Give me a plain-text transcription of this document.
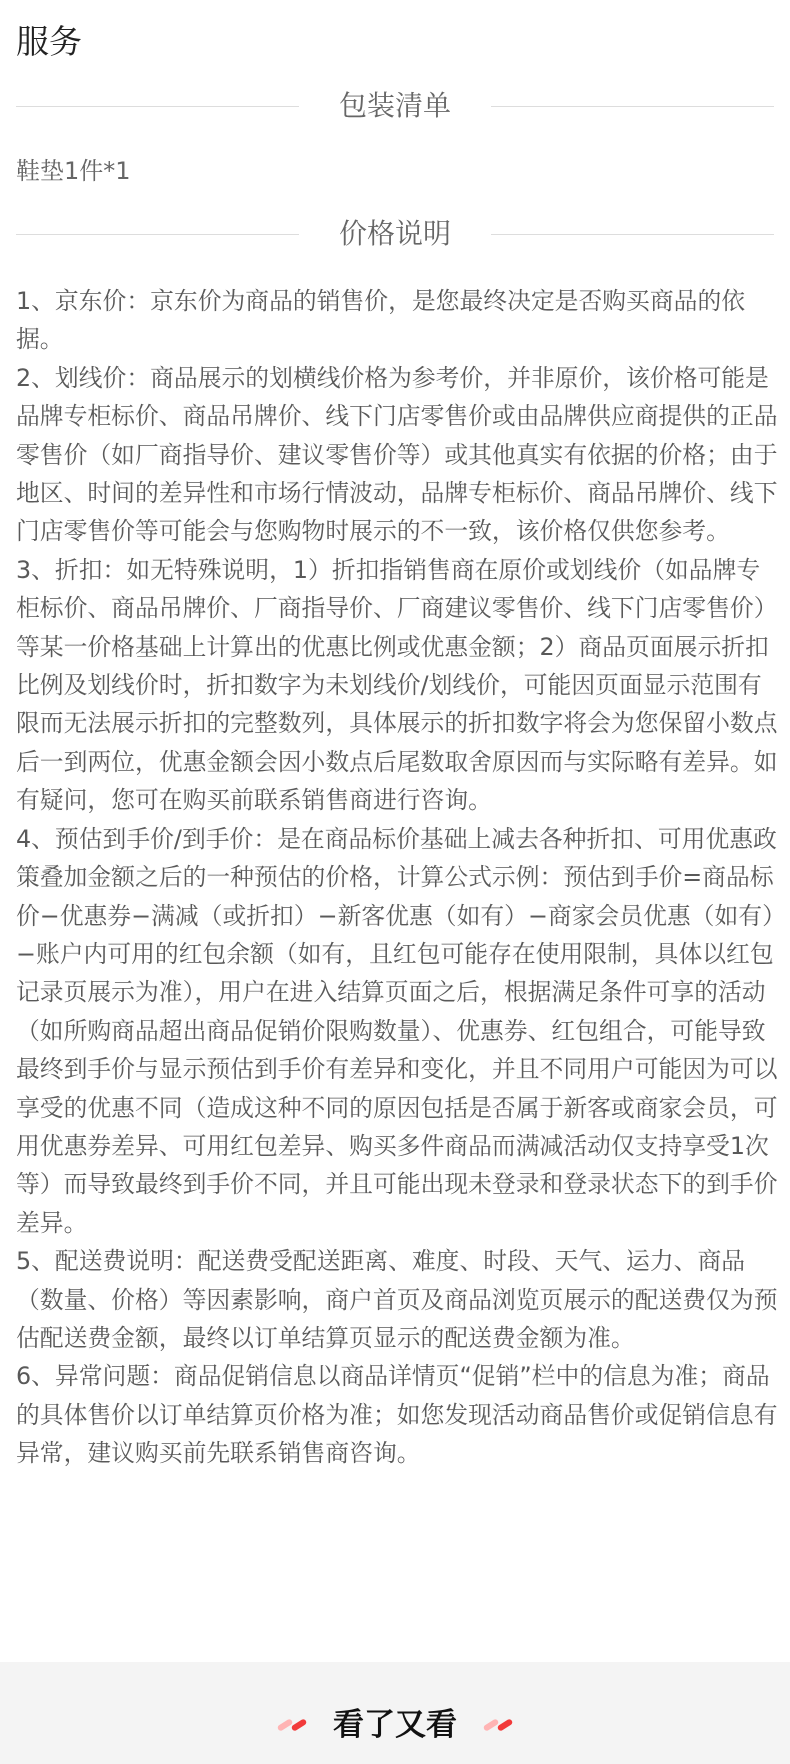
服务
包装清单
鞋垫1件*1
价格说明

1、京东价：京东价为商品的销售价，是您最终决定是否购买商品的依据。

2、划线价：商品展示的划横线价格为参考价，并非原价，该价格可能是品牌专柜标价、商品吊牌价、线下门店零售价或由品牌供应商提供的正品零售价（如厂商指导价、建议零售价等）或其他真实有依据的价格；由于地区、时间的差异性和市场行情波动，品牌专柜标价、商品吊牌价、线下门店零售价等可能会与您购物时展示的不一致，该价格仅供您参考。

3、折扣：如无特殊说明，1）折扣指销售商在原价或划线价（如品牌专柜标价、商品吊牌价、厂商指导价、厂商建议零售价、线下门店零售价）等某一价格基础上计算出的优惠比例或优惠金额；2）商品页面展示折扣比例及划线价时，折扣数字为未划线价/划线价，可能因页面显示范围有限而无法展示折扣的完整数列，具体展示的折扣数字将会为您保留小数点后一到两位，优惠金额会因小数点后尾数取舍原因而与实际略有差异。如有疑问，您可在购买前联系销售商进行咨询。

4、预估到手价/到手价：是在商品标价基础上减去各种折扣、可用优惠政策叠加金额之后的一种预估的价格，计算公式示例：预估到手价=商品标价−优惠券−满减（或折扣）−新客优惠（如有）−商家会员优惠（如有）−账户内可用的红包余额（如有，且红包可能存在使用限制，具体以红包记录页展示为准），用户在进入结算页面之后，根据满足条件可享的活动（如所购商品超出商品促销价限购数量）、优惠券、红包组合，可能导致最终到手价与显示预估到手价有差异和变化，并且不同用户可能因为可以享受的优惠不同（造成这种不同的原因包括是否属于新客或商家会员，可用优惠券差异、可用红包差异、购买多件商品而满减活动仅支持享受1次等）而导致最终到手价不同，并且可能出现未登录和登录状态下的到手价差异。

5、配送费说明：配送费受配送距离、难度、时段、天气、运力、商品（数量、价格）等因素影响，商户首页及商品浏览页展示的配送费仅为预估配送费金额，最终以订单结算页显示的配送费金额为准。

6、异常问题：商品促销信息以商品详情页“促销”栏中的信息为准；商品的具体售价以订单结算页价格为准；如您发现活动商品售价或促销信息有异常，建议购买前先联系销售商咨询。

看了又看
